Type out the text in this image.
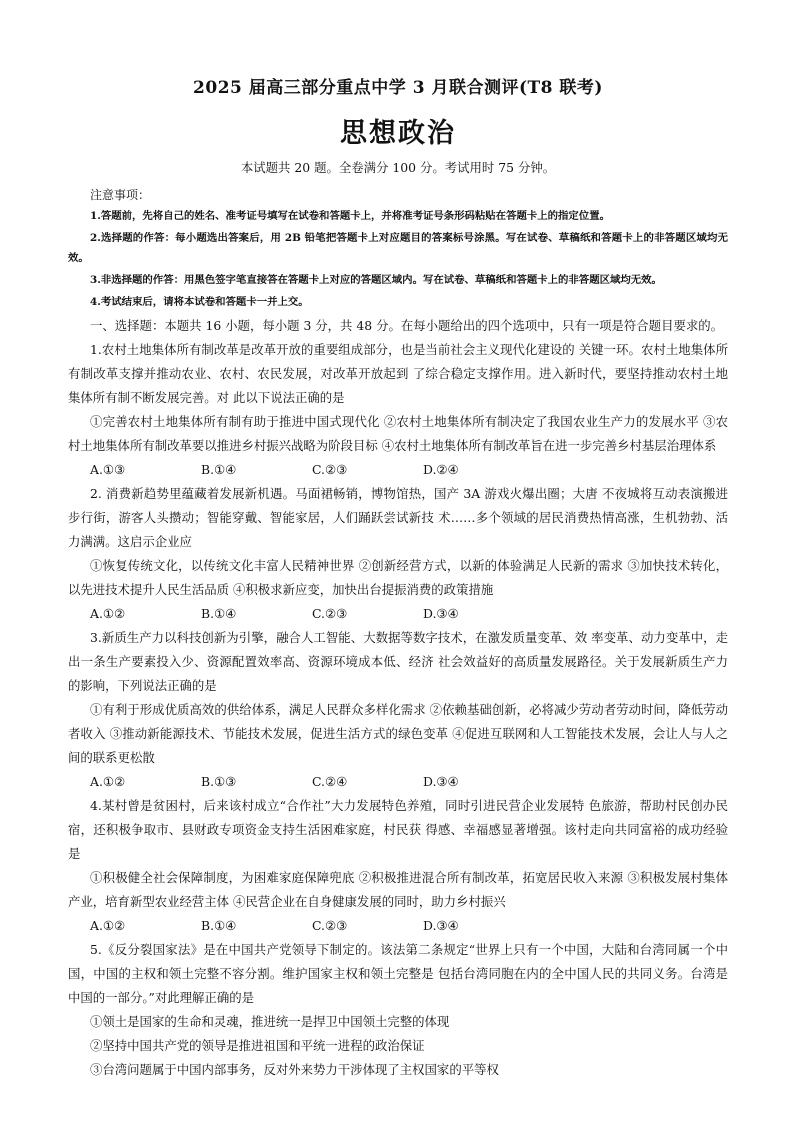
2025 届高三部分重点中学 3 月联合测评(T8 联考)
思想政治
本试题共 20 题。全卷满分 100 分。考试用时 75 分钟。
注意事项：

1.答题前，先将自己的姓名、准考证号填写在试卷和答题卡上，并将准考证号条形码粘贴在答题卡上的指定位置。

2.选择题的作答：每小题选出答案后，用 2B 铅笔把答题卡上对应题目的答案标号涂黑。写在试卷、草稿纸和答题卡上的非答题区域均无效。

3.非选择题的作答：用黑色签字笔直接答在答题卡上对应的答题区域内。写在试卷、草稿纸和答题卡上的非答题区域均无效。

4.考试结束后，请将本试卷和答题卡一并上交。

一、选择题：本题共 16 小题，每小题 3 分，共 48 分。在每小题给出的四个选项中，只有一项是符合题目要求的。
1.农村土地集体所有制改革是改革开放的重要组成部分，也是当前社会主义现代化建设的 关键一环。农村土地集体所有制改革支撑并推动农业、农村、农民发展，对改革开放起到 了综合稳定支撑作用。进入新时代，要坚持推动农村土地集体所有制不断发展完善。对 此以下说法正确的是
①完善农村土地集体所有制有助于推进中国式现代化 ②农村土地集体所有制决定了我国农业生产力的发展水平 ③农村土地集体所有制改革要以推进乡村振兴战略为阶段目标 ④农村土地集体所有制改革旨在进一步完善乡村基层治理体系
A.①③	B.①④	C.②③	D.②④
2. 消费新趋势里蕴藏着发展新机遇。马面裙畅销，博物馆热，国产 3A 游戏火爆出圈；大唐 不夜城将互动表演搬进步行街，游客人头攒动；智能穿戴、智能家居，人们踊跃尝试新技 术……多个领域的居民消费热情高涨，生机勃勃、活力满满。这启示企业应
①恢复传统文化，以传统文化丰富人民精神世界 ②创新经营方式，以新的体验满足人民新的需求 ③加快技术转化，以先进技术提升人民生活品质 ④积极求新应变，加快出台提振消费的政策措施
A.①②	B.①④	C.②③	D.③④
3.新质生产力以科技创新为引擎，融合人工智能、大数据等数字技术，在激发质量变革、效 率变革、动力变革中，走出一条生产要素投入少、资源配置效率高、资源环境成本低、经济 社会效益好的高质量发展路径。关于发展新质生产力的影响，下列说法正确的是
①有利于形成优质高效的供给体系，满足人民群众多样化需求 ②依赖基础创新，必将减少劳动者劳动时间，降低劳动者收入 ③推动新能源技术、节能技术发展，促进生活方式的绿色变革 ④促进互联网和人工智能技术发展，会让人与人之间的联系更松散
A.①②	B.①③	C.②④	D.③④
4.某村曾是贫困村，后来该村成立“合作社”大力发展特色养殖，同时引进民营企业发展特 色旅游，帮助村民创办民宿，还积极争取市、县财政专项资金支持生活困难家庭，村民获 得感、幸福感显著增强。该村走向共同富裕的成功经验是
①积极健全社会保障制度，为困难家庭保障兜底 ②积极推进混合所有制改革，拓宽居民收入来源 ③积极发展村集体产业，培育新型农业经营主体 ④民营企业在自身健康发展的同时，助力乡村振兴
A.①②	B.①④	C.②③	D.③④
5.《反分裂国家法》是在中国共产党领导下制定的。该法第二条规定“世界上只有一个中国，大陆和台湾同属一个中国，中国的主权和领土完整不容分割。维护国家主权和领土完整是 包括台湾同胞在内的全中国人民的共同义务。台湾是中国的一部分。”对此理解正确的是
①领土是国家的生命和灵魂，推进统一是捍卫中国领土完整的体现
②坚持中国共产党的领导是推进祖国和平统一进程的政治保证
③台湾问题属于中国内部事务，反对外来势力干涉体现了主权国家的平等权
